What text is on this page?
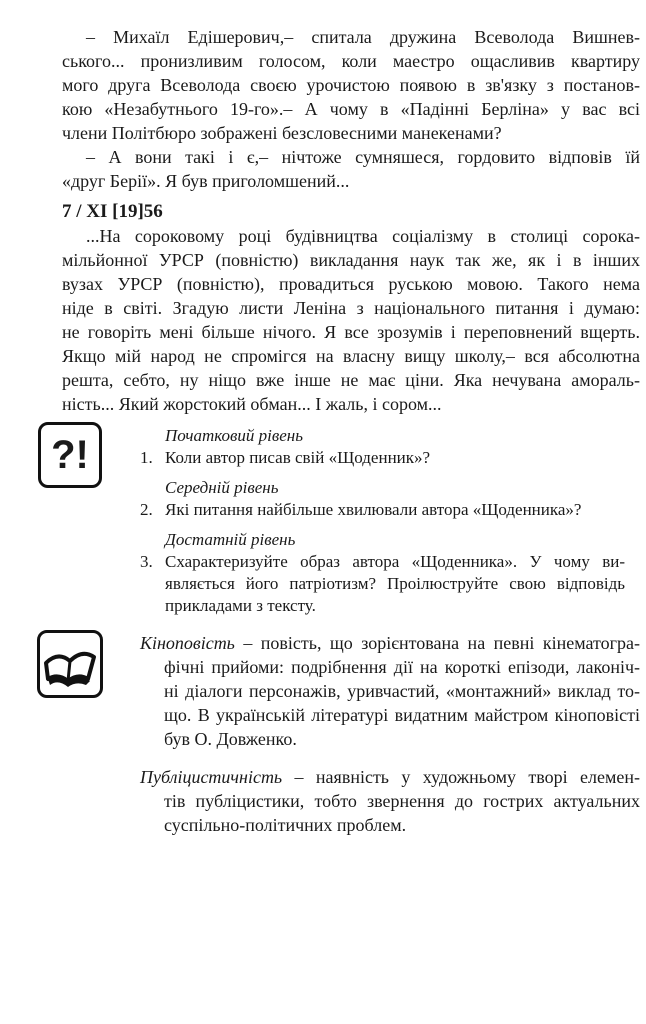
– Михаїл Едішерович,– спитала дружина Всеволода Вишнев-
ського... пронизливим голосом, коли маестро ощасливив квартиру
мого друга Всеволода своєю урочистою появою в зв'язку з постанов-
кою «Незабутнього 19-го».– А чому в «Падінні Берліна» у вас всі
члени Політбюро зображені безсловесними манекенами?
– А вони такі і є,– нічтоже сумняшеся, гордовито відповів їй
«друг Берії». Я був приголомшений...
7 / XI [19]56
...На сороковому році будівництва соціалізму в столиці сорока-
мільйонної УРСР (повністю) викладання наук так же, як і в інших
вузах УРСР (повністю), провадиться руською мовою. Такого нема
ніде в світі. Згадую листи Леніна з національного питання і думаю:
не говоріть мені більше нічого. Я все зрозумів і переповнений вщерть.
Якщо мій народ не спромігся на власну вищу школу,– вся абсолютна
решта, себто, ну ніщо вже інше не має ціни. Яка нечувана амораль-
ність... Який жорстокий обман... І жаль, і сором...
?!	Початковий рівень
1. Коли автор писав свій «Щоденник»?
Середній рівень
2. Які питання найбільше хвилювали автора «Щоденника»?
Достатній рівень
3. Схарактеризуйте образ автора «Щоденника». У чому ви-
являється його патріотизм? Проілюструйте свою відповідь
прикладами з тексту.
Кіноповість – повість, що зорієнтована на певні кінематогра-
фічні прийоми: подрібнення дії на короткі епізоди, лаконіч-
ні діалоги персонажів, уривчастий, «монтажний» виклад то-
що. В українській літературі видатним майстром кіноповісті
був О. Довженко.
Публіцистичність – наявність у художньому творі елемен-
тів публіцистики, тобто звернення до гострих актуальних
суспільно-політичних проблем.
